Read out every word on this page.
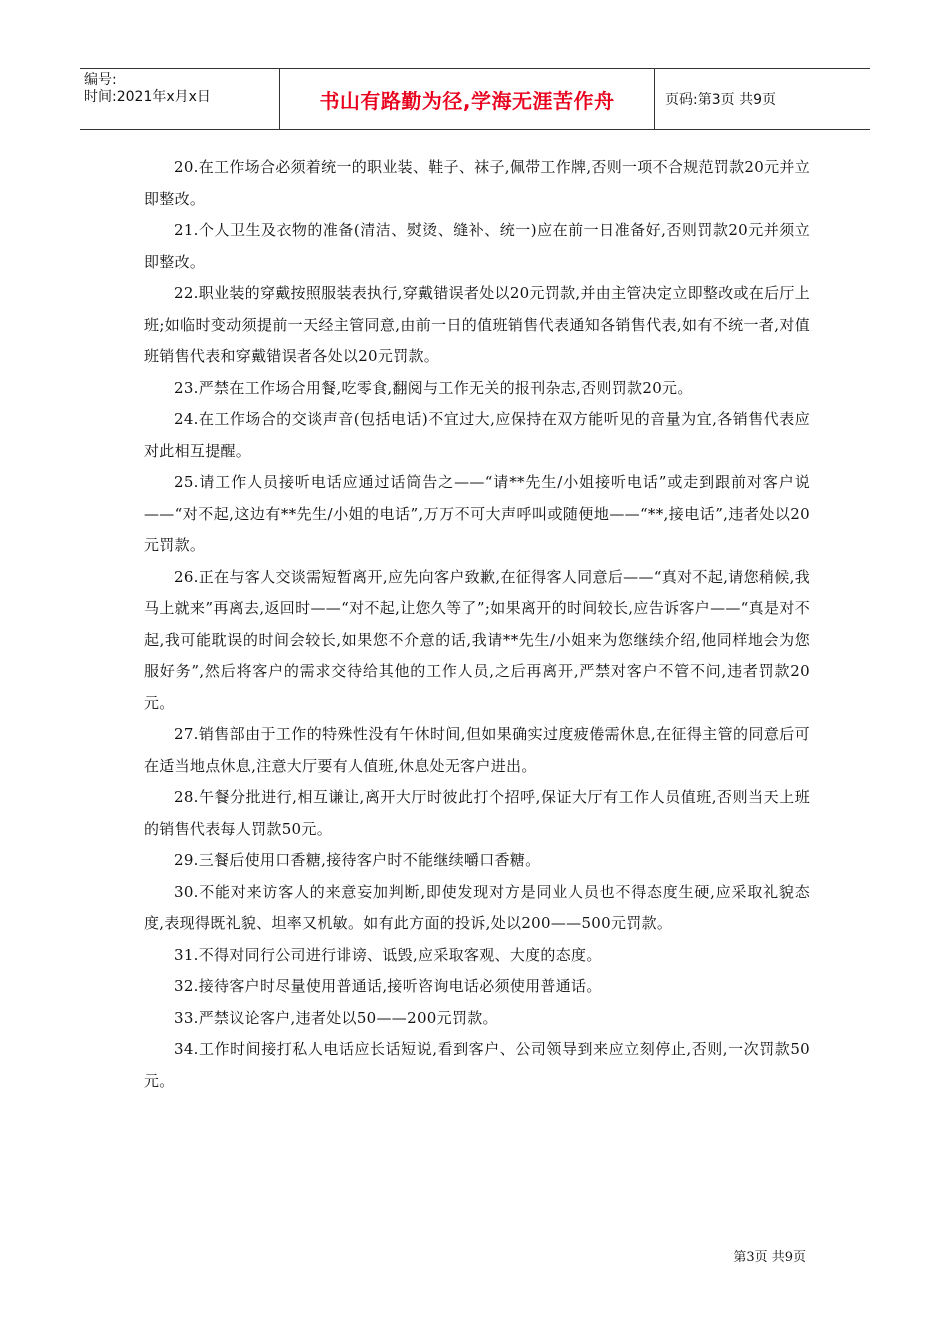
编号:
时间:2021年x月x日	书山有路勤为径,学海无涯苦作舟	页码:第3页 共9页

20.在工作场合必须着统一的职业装、鞋子、袜子,佩带工作牌,否则一项不合规范罚款20元并立即整改。

21.个人卫生及衣物的准备(清洁、熨烫、缝补、统一)应在前一日准备好,否则罚款20元并须立即整改。

22.职业装的穿戴按照服装表执行,穿戴错误者处以20元罚款,并由主管决定立即整改或在后厅上班;如临时变动须提前一天经主管同意,由前一日的值班销售代表通知各销售代表,如有不统一者,对值班销售代表和穿戴错误者各处以20元罚款。

23.严禁在工作场合用餐,吃零食,翻阅与工作无关的报刊杂志,否则罚款20元。

24.在工作场合的交谈声音(包括电话)不宜过大,应保持在双方能听见的音量为宜,各销售代表应对此相互提醒。

25.请工作人员接听电话应通过话筒告之——“请**先生/小姐接听电话”或走到跟前对客户说——“对不起,这边有**先生/小姐的电话”,万万不可大声呼叫或随便地——“**,接电话”,违者处以20元罚款。

26.正在与客人交谈需短暂离开,应先向客户致歉,在征得客人同意后——“真对不起,请您稍候,我马上就来”再离去,返回时——“对不起,让您久等了”;如果离开的时间较长,应告诉客户——“真是对不起,我可能耽误的时间会较长,如果您不介意的话,我请**先生/小姐来为您继续介绍,他同样地会为您服好务”,然后将客户的需求交待给其他的工作人员,之后再离开,严禁对客户不管不问,违者罚款20元。

27.销售部由于工作的特殊性没有午休时间,但如果确实过度疲倦需休息,在征得主管的同意后可在适当地点休息,注意大厅要有人值班,休息处无客户进出。

28.午餐分批进行,相互谦让,离开大厅时彼此打个招呼,保证大厅有工作人员值班,否则当天上班的销售代表每人罚款50元。

29.三餐后使用口香糖,接待客户时不能继续嚼口香糖。

30.不能对来访客人的来意妄加判断,即使发现对方是同业人员也不得态度生硬,应采取礼貌态度,表现得既礼貌、坦率又机敏。如有此方面的投诉,处以200——500元罚款。

31.不得对同行公司进行诽谤、诋毁,应采取客观、大度的态度。

32.接待客户时尽量使用普通话,接听咨询电话必须使用普通话。

33.严禁议论客户,违者处以50——200元罚款。

34.工作时间接打私人电话应长话短说,看到客户、公司领导到来应立刻停止,否则,一次罚款50元。

第3页 共9页
